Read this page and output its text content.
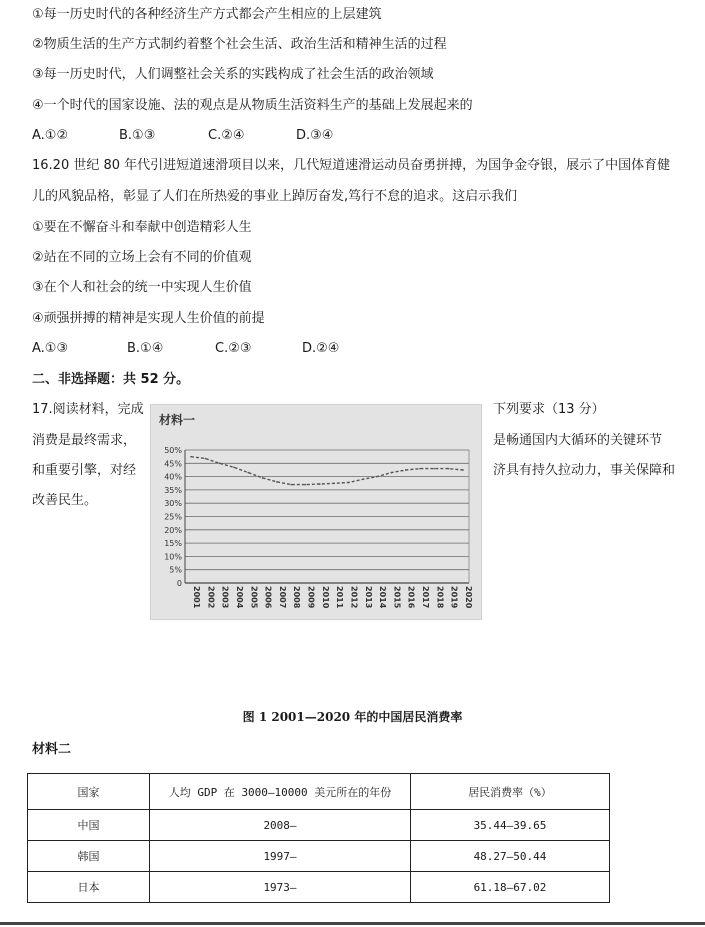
①每一历史时代的各种经济生产方式都会产生相应的上层建筑
②物质生活的生产方式制约着整个社会生活、政治生活和精神生活的过程
③每一历史时代，人们调整社会关系的实践构成了社会生活的政治领域
④一个时代的国家设施、法的观点是从物质生活资料生产的基础上发展起来的
A.①②	B.①③	C.②④	D.③④
16.20 世纪 80 年代引进短道速滑项目以来，几代短道速滑运动员奋勇拼搏，为国争金夺银，展示了中国体育健
儿的风貌品格，彰显了人们在所热爱的事业上踔厉奋发,笃行不怠的追求。这启示我们
①要在不懈奋斗和奉献中创造精彩人生
②站在不同的立场上会有不同的价值观
③在个人和社会的统一中实现人生价值
④顽强拼搏的精神是实现人生价值的前提
A.①③	B.①④	C.②③	D.②④
二、非选择题：共 52 分。
17.阅读材料，完成
消费是最终需求，
和重要引擎，对经
改善民生。
下列要求（13 分）
是畅通国内大循环的关键环节
济具有持久拉动力，事关保障和
材料一
0
5%
10%
15%
20%
25%
30%
35%
40%
45%
50%
2001 2002 2003 2004 2005 2006 2007 2008 2009 2010 2011 2012 2013 2014 2015 2016 2017 2018 2019 2020
图 1 2001—2020 年的中国居民消费率
材料二
国家	人均 GDP 在 3000—10000 美元所在的年份	居民消费率（%）
中国	2008—	35.44—39.65
韩国	1997—	48.27—50.44
日本	1973—	61.18—67.02
